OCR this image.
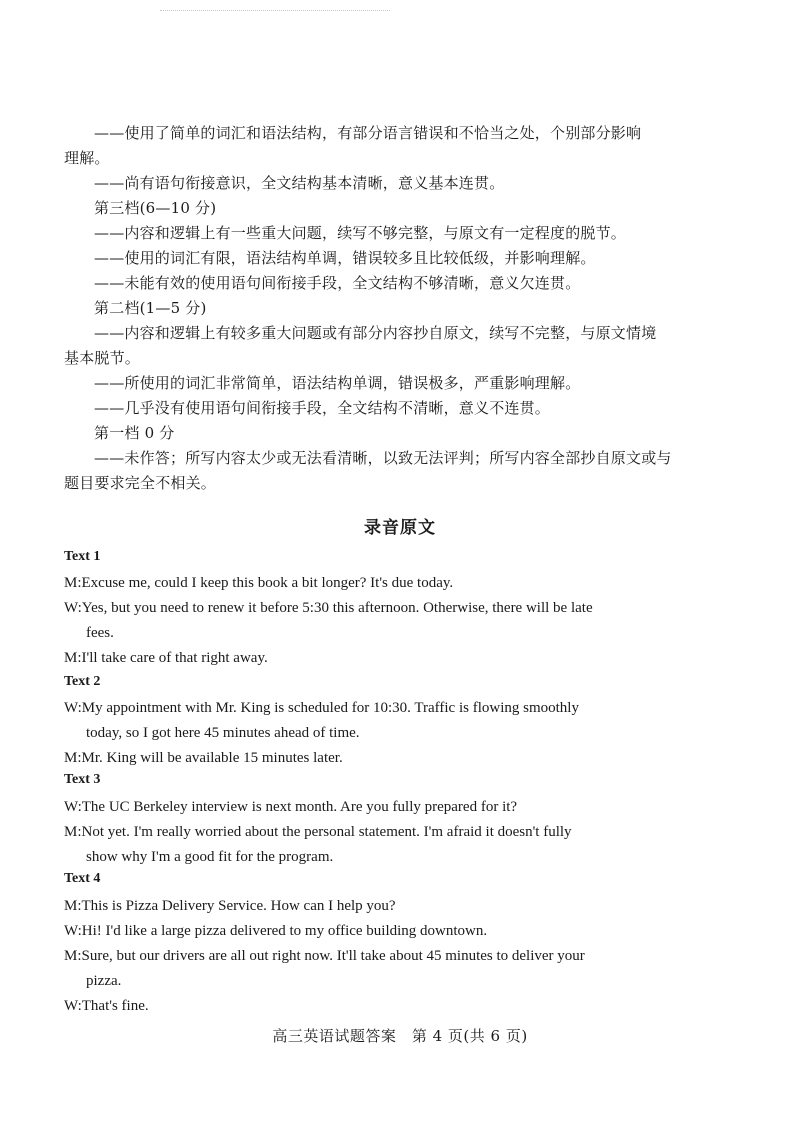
——使用了简单的词汇和语法结构，有部分语言错误和不恰当之处，个别部分影响
理解。
——尚有语句衔接意识，全文结构基本清晰，意义基本连贯。
第三档(6—10 分)
——内容和逻辑上有一些重大问题，续写不够完整，与原文有一定程度的脱节。
——使用的词汇有限，语法结构单调，错误较多且比较低级，并影响理解。
——未能有效的使用语句间衔接手段，全文结构不够清晰，意义欠连贯。
第二档(1—5 分)
——内容和逻辑上有较多重大问题或有部分内容抄自原文，续写不完整，与原文情境
基本脱节。
——所使用的词汇非常简单，语法结构单调，错误极多，严重影响理解。
——几乎没有使用语句间衔接手段，全文结构不清晰，意义不连贯。
第一档 0 分
——未作答；所写内容太少或无法看清晰，以致无法评判；所写内容全部抄自原文或与
题目要求完全不相关。
录音原文
Text 1
M:Excuse me, could I keep this book a bit longer? It's due today.
W:Yes, but you need to renew it before 5:30 this afternoon. Otherwise, there will be late
fees.
M:I'll take care of that right away.
Text 2
W:My appointment with Mr. King is scheduled for 10:30. Traffic is flowing smoothly
today, so I got here 45 minutes ahead of time.
M:Mr. King will be available 15 minutes later.
Text 3
W:The UC Berkeley interview is next month. Are you fully prepared for it?
M:Not yet. I'm really worried about the personal statement. I'm afraid it doesn't fully
show why I'm a good fit for the program.
Text 4
M:This is Pizza Delivery Service. How can I help you?
W:Hi! I'd like a large pizza delivered to my office building downtown.
M:Sure, but our drivers are all out right now. It'll take about 45 minutes to deliver your
pizza.
W:That's fine.
高三英语试题答案　第 4 页(共 6 页)
